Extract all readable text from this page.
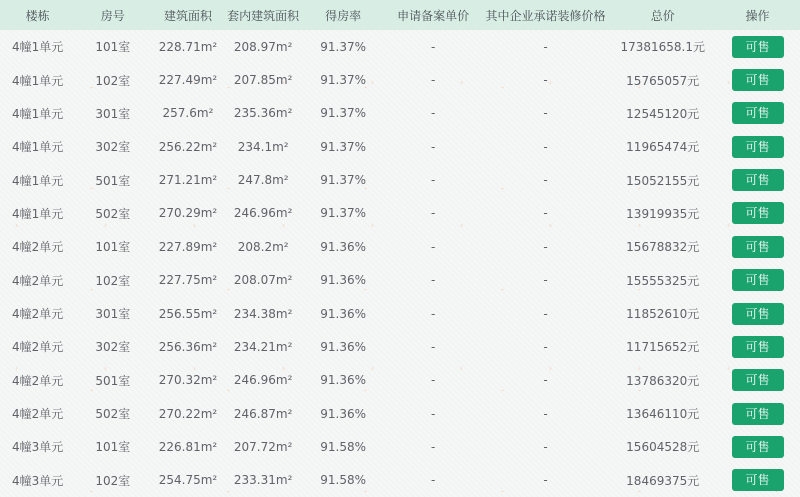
楼栋	房号	建筑面积	套内建筑面积	得房率	申请备案单价	其中企业承诺装修价格	总价	操作
4幢1单元	101室	228.71m²	208.97m²	91.37%	-	-	17381658.1元	可售
4幢1单元	102室	227.49m²	207.85m²	91.37%	-	-	15765057元	可售
4幢1单元	301室	257.6m²	235.36m²	91.37%	-	-	12545120元	可售
4幢1单元	302室	256.22m²	234.1m²	91.37%	-	-	11965474元	可售
4幢1单元	501室	271.21m²	247.8m²	91.37%	-	-	15052155元	可售
4幢1单元	502室	270.29m²	246.96m²	91.37%	-	-	13919935元	可售
4幢2单元	101室	227.89m²	208.2m²	91.36%	-	-	15678832元	可售
4幢2单元	102室	227.75m²	208.07m²	91.36%	-	-	15555325元	可售
4幢2单元	301室	256.55m²	234.38m²	91.36%	-	-	11852610元	可售
4幢2单元	302室	256.36m²	234.21m²	91.36%	-	-	11715652元	可售
4幢2单元	501室	270.32m²	246.96m²	91.36%	-	-	13786320元	可售
4幢2单元	502室	270.22m²	246.87m²	91.36%	-	-	13646110元	可售
4幢3单元	101室	226.81m²	207.72m²	91.58%	-	-	15604528元	可售
4幢3单元	102室	254.75m²	233.31m²	91.58%	-	-	18469375元	可售
